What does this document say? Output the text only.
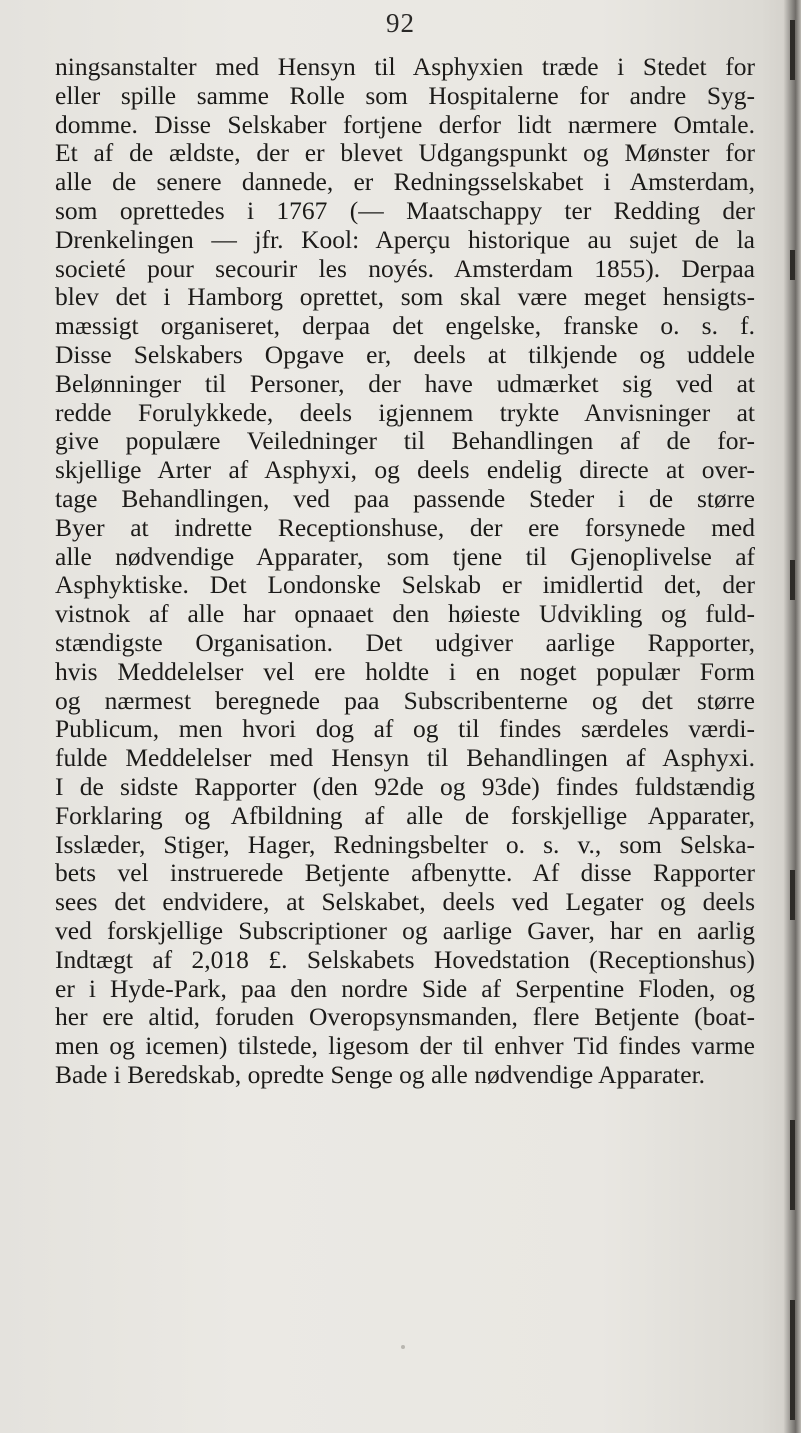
92
ningsanstalter med Hensyn til Asphyxien træde i Stedet for
eller spille samme Rolle som Hospitalerne for andre Syg-
domme. Disse Selskaber fortjene derfor lidt nærmere Omtale.
Et af de ældste, der er blevet Udgangspunkt og Mønster for
alle de senere dannede, er Redningsselskabet i Amsterdam,
som oprettedes i 1767 (— Maatschappy ter Redding der
Drenkelingen — jfr. Kool: Aperçu historique au sujet de la
societé pour secourir les noyés. Amsterdam 1855). Derpaa
blev det i Hamborg oprettet, som skal være meget hensigts-
mæssigt organiseret, derpaa det engelske, franske o. s. f.
Disse Selskabers Opgave er, deels at tilkjende og uddele
Belønninger til Personer, der have udmærket sig ved at
redde Forulykkede, deels igjennem trykte Anvisninger at
give populære Veiledninger til Behandlingen af de for-
skjellige Arter af Asphyxi, og deels endelig directe at over-
tage Behandlingen, ved paa passende Steder i de større
Byer at indrette Receptionshuse, der ere forsynede med
alle nødvendige Apparater, som tjene til Gjenoplivelse af
Asphyktiske. Det Londonske Selskab er imidlertid det, der
vistnok af alle har opnaaet den høieste Udvikling og fuld-
stændigste Organisation. Det udgiver aarlige Rapporter,
hvis Meddelelser vel ere holdte i en noget populær Form
og nærmest beregnede paa Subscribenterne og det større
Publicum, men hvori dog af og til findes særdeles værdi-
fulde Meddelelser med Hensyn til Behandlingen af Asphyxi.
I de sidste Rapporter (den 92de og 93de) findes fuldstændig
Forklaring og Afbildning af alle de forskjellige Apparater,
Isslæder, Stiger, Hager, Redningsbelter o. s. v., som Selska-
bets vel instruerede Betjente afbenytte. Af disse Rapporter
sees det endvidere, at Selskabet, deels ved Legater og deels
ved forskjellige Subscriptioner og aarlige Gaver, har en aarlig
Indtægt af 2,018 £. Selskabets Hovedstation (Receptionshus)
er i Hyde-Park, paa den nordre Side af Serpentine Floden, og
her ere altid, foruden Overopsynsmanden, flere Betjente (boat-
men og icemen) tilstede, ligesom der til enhver Tid findes varme
Bade i Beredskab, opredte Senge og alle nødvendige Apparater.
